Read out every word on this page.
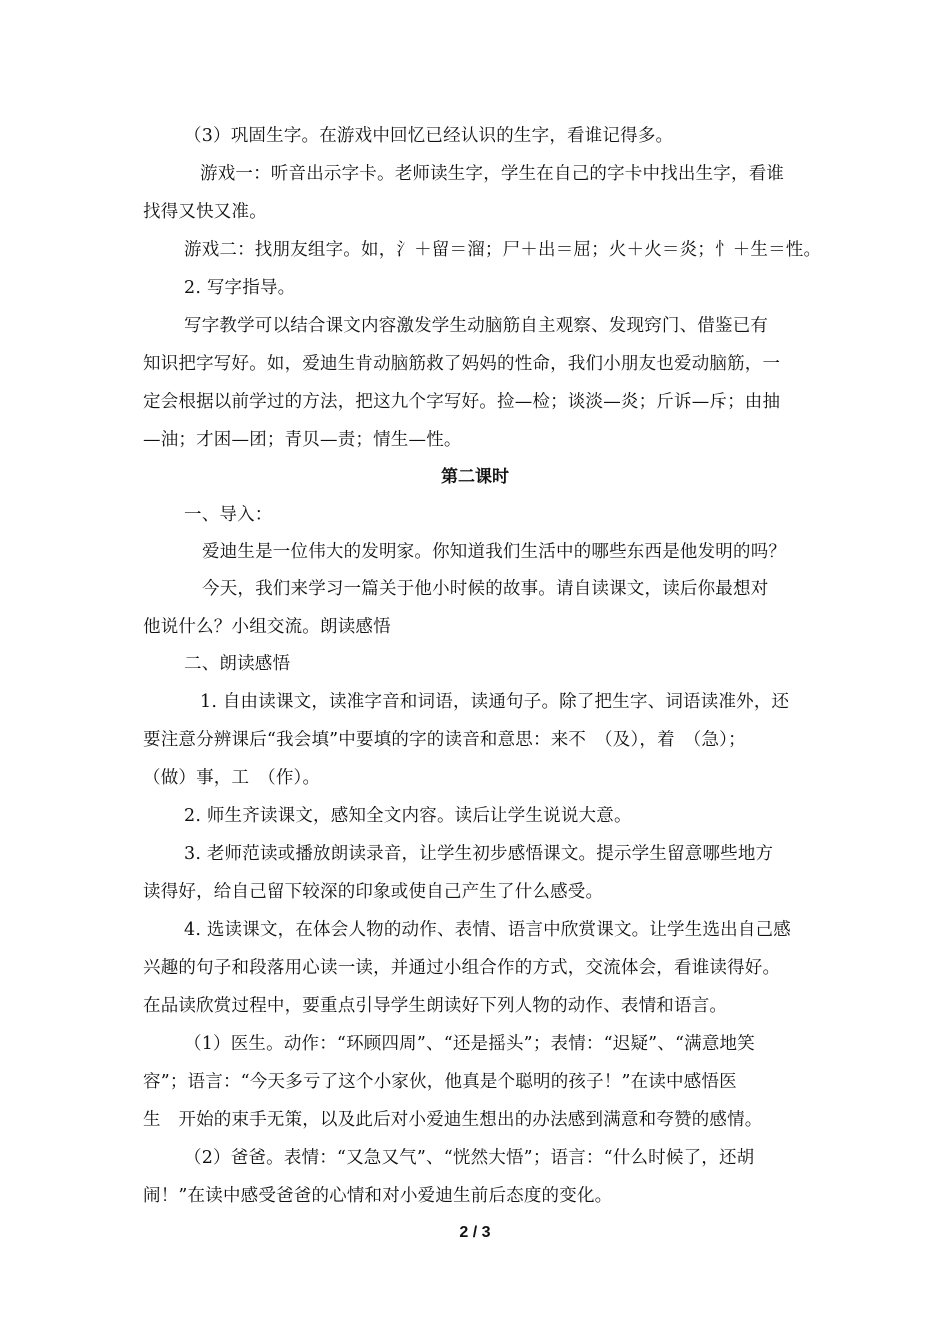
（3）巩固生字。在游戏中回忆已经认识的生字，看谁记得多。
游戏一：听音出示字卡。老师读生字，学生在自己的字卡中找出生字，看谁
找得又快又准。
游戏二：找朋友组字。如，氵＋留＝溜；尸＋出＝屈；火＋火＝炎；忄＋生＝性。
2. 写字指导。
写字教学可以结合课文内容激发学生动脑筋自主观察、发现窍门、借鉴已有
知识把字写好。如，爱迪生肯动脑筋救了妈妈的性命，我们小朋友也爱动脑筋，一
定会根据以前学过的方法，把这九个字写好。捡—检；谈淡—炎；斤诉—斥；由抽
—油；才困—团；青贝—责；情生—性。
第二课时
一、导入：
爱迪生是一位伟大的发明家。你知道我们生活中的哪些东西是他发明的吗？
今天，我们来学习一篇关于他小时候的故事。请自读课文，读后你最想对
他说什么？小组交流。朗读感悟
二、朗读感悟
1. 自由读课文，读准字音和词语，读通句子。除了把生字、词语读准外，还
要注意分辨课后“我会填”中要填的字的读音和意思：来不　（及），着　（急）；
（做）事，工　（作）。
2. 师生齐读课文，感知全文内容。读后让学生说说大意。
3. 老师范读或播放朗读录音，让学生初步感悟课文。提示学生留意哪些地方
读得好，给自己留下较深的印象或使自己产生了什么感受。
4. 选读课文，在体会人物的动作、表情、语言中欣赏课文。让学生选出自己感
兴趣的句子和段落用心读一读，并通过小组合作的方式，交流体会，看谁读得好。
在品读欣赏过程中，要重点引导学生朗读好下列人物的动作、表情和语言。
（1）医生。动作：“环顾四周”、“还是摇头”；表情：“迟疑”、“满意地笑
容”；语言：“今天多亏了这个小家伙，他真是个聪明的孩子！”在读中感悟医
生　开始的束手无策，以及此后对小爱迪生想出的办法感到满意和夸赞的感情。
（2）爸爸。表情：“又急又气”、“恍然大悟”；语言：“什么时候了，还胡
闹！”在读中感受爸爸的心情和对小爱迪生前后态度的变化。
2 / 3
